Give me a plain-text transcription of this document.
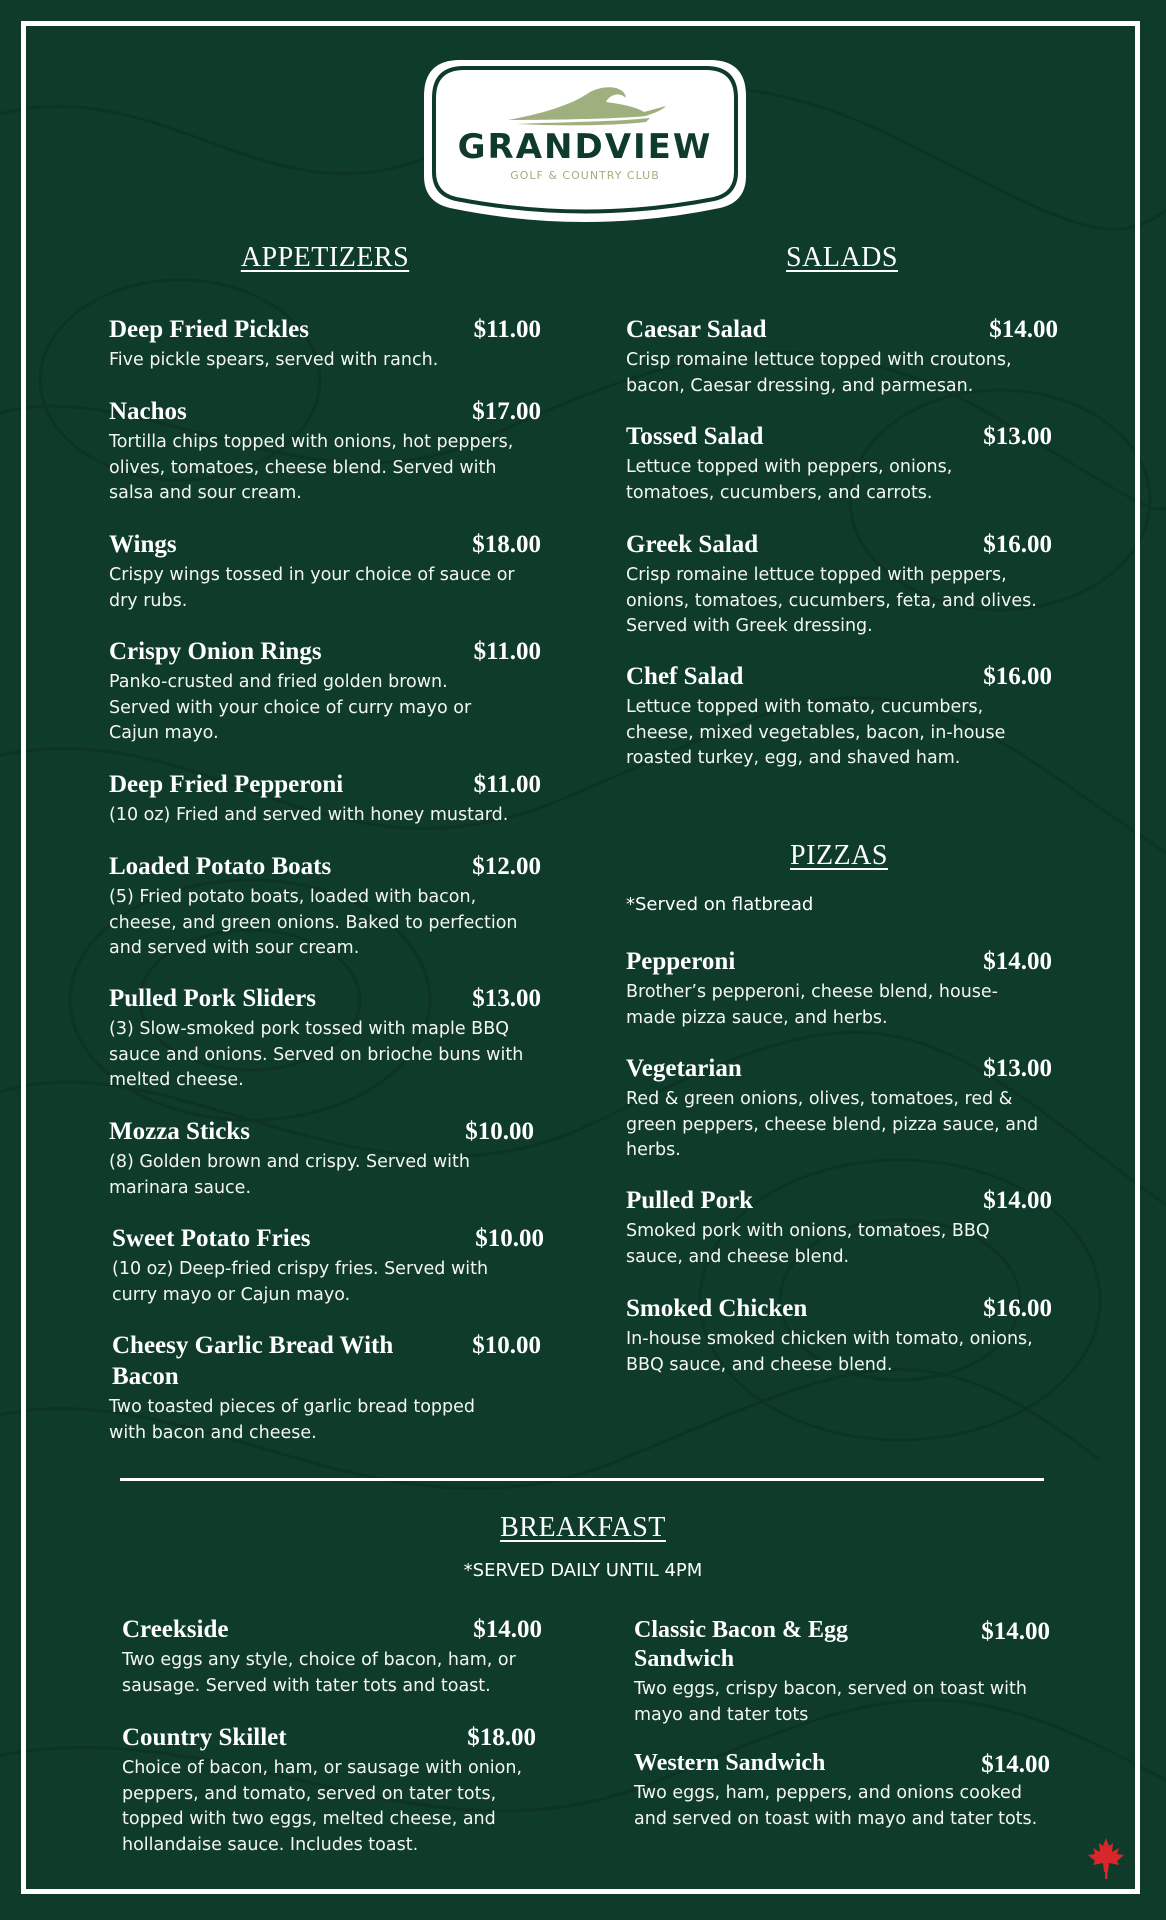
GRANDVIEW
GOLF & COUNTRY CLUB
APPETIZERS
Deep Fried Pickles	$11.00
Five pickle spears, served with ranch.
Nachos	$17.00
Tortilla chips topped with onions, hot peppers, olives, tomatoes, cheese blend. Served with salsa and sour cream.
Wings	$18.00
Crispy wings tossed in your choice of sauce or dry rubs.
Crispy Onion Rings	$11.00
Panko-crusted and fried golden brown. Served with your choice of curry mayo or Cajun mayo.
Deep Fried Pepperoni	$11.00
(10 oz) Fried and served with honey mustard.
Loaded Potato Boats	$12.00
(5) Fried potato boats, loaded with bacon, cheese, and green onions. Baked to perfection and served with sour cream.
Pulled Pork Sliders	$13.00
(3) Slow-smoked pork tossed with maple BBQ sauce and onions. Served on brioche buns with melted cheese.
Mozza Sticks	$10.00
(8) Golden brown and crispy. Served with marinara sauce.
Sweet Potato Fries	$10.00
(10 oz) Deep-fried crispy fries. Served with curry mayo or Cajun mayo.
Cheesy Garlic Bread With Bacon
$10.00
Two toasted pieces of garlic bread topped with bacon and cheese.
SALADS
Caesar Salad	$14.00
Crisp romaine lettuce topped with croutons, bacon, Caesar dressing, and parmesan.
Tossed Salad	$13.00
Lettuce topped with peppers, onions, tomatoes, cucumbers, and carrots.
Greek Salad	$16.00
Crisp romaine lettuce topped with peppers, onions, tomatoes, cucumbers, feta, and olives. Served with Greek dressing.
Chef Salad	$16.00
Lettuce topped with tomato, cucumbers, cheese, mixed vegetables, bacon, in-house roasted turkey, egg, and shaved ham.
PIZZAS
*Served on flatbread
Pepperoni	$14.00
Brother’s pepperoni, cheese blend, house-made pizza sauce, and herbs.
Vegetarian	$13.00
Red & green onions, olives, tomatoes, red & green peppers, cheese blend, pizza sauce, and herbs.
Pulled Pork	$14.00
Smoked pork with onions, tomatoes, BBQ sauce, and cheese blend.
Smoked Chicken	$16.00
In-house smoked chicken with tomato, onions, BBQ sauce, and cheese blend.
BREAKFAST
*SERVED DAILY UNTIL 4PM
Creekside	$14.00
Two eggs any style, choice of bacon, ham, or sausage. Served with tater tots and toast.
Country Skillet	$18.00
Choice of bacon, ham, or sausage with onion, peppers, and tomato, served on tater tots, topped with two eggs, melted cheese, and hollandaise sauce. Includes toast.
Classic Bacon & Egg Sandwich
$14.00
Two eggs, crispy bacon, served on toast with mayo and tater tots
Western Sandwich	$14.00
Two eggs, ham, peppers, and onions cooked and served on toast with mayo and tater tots.
